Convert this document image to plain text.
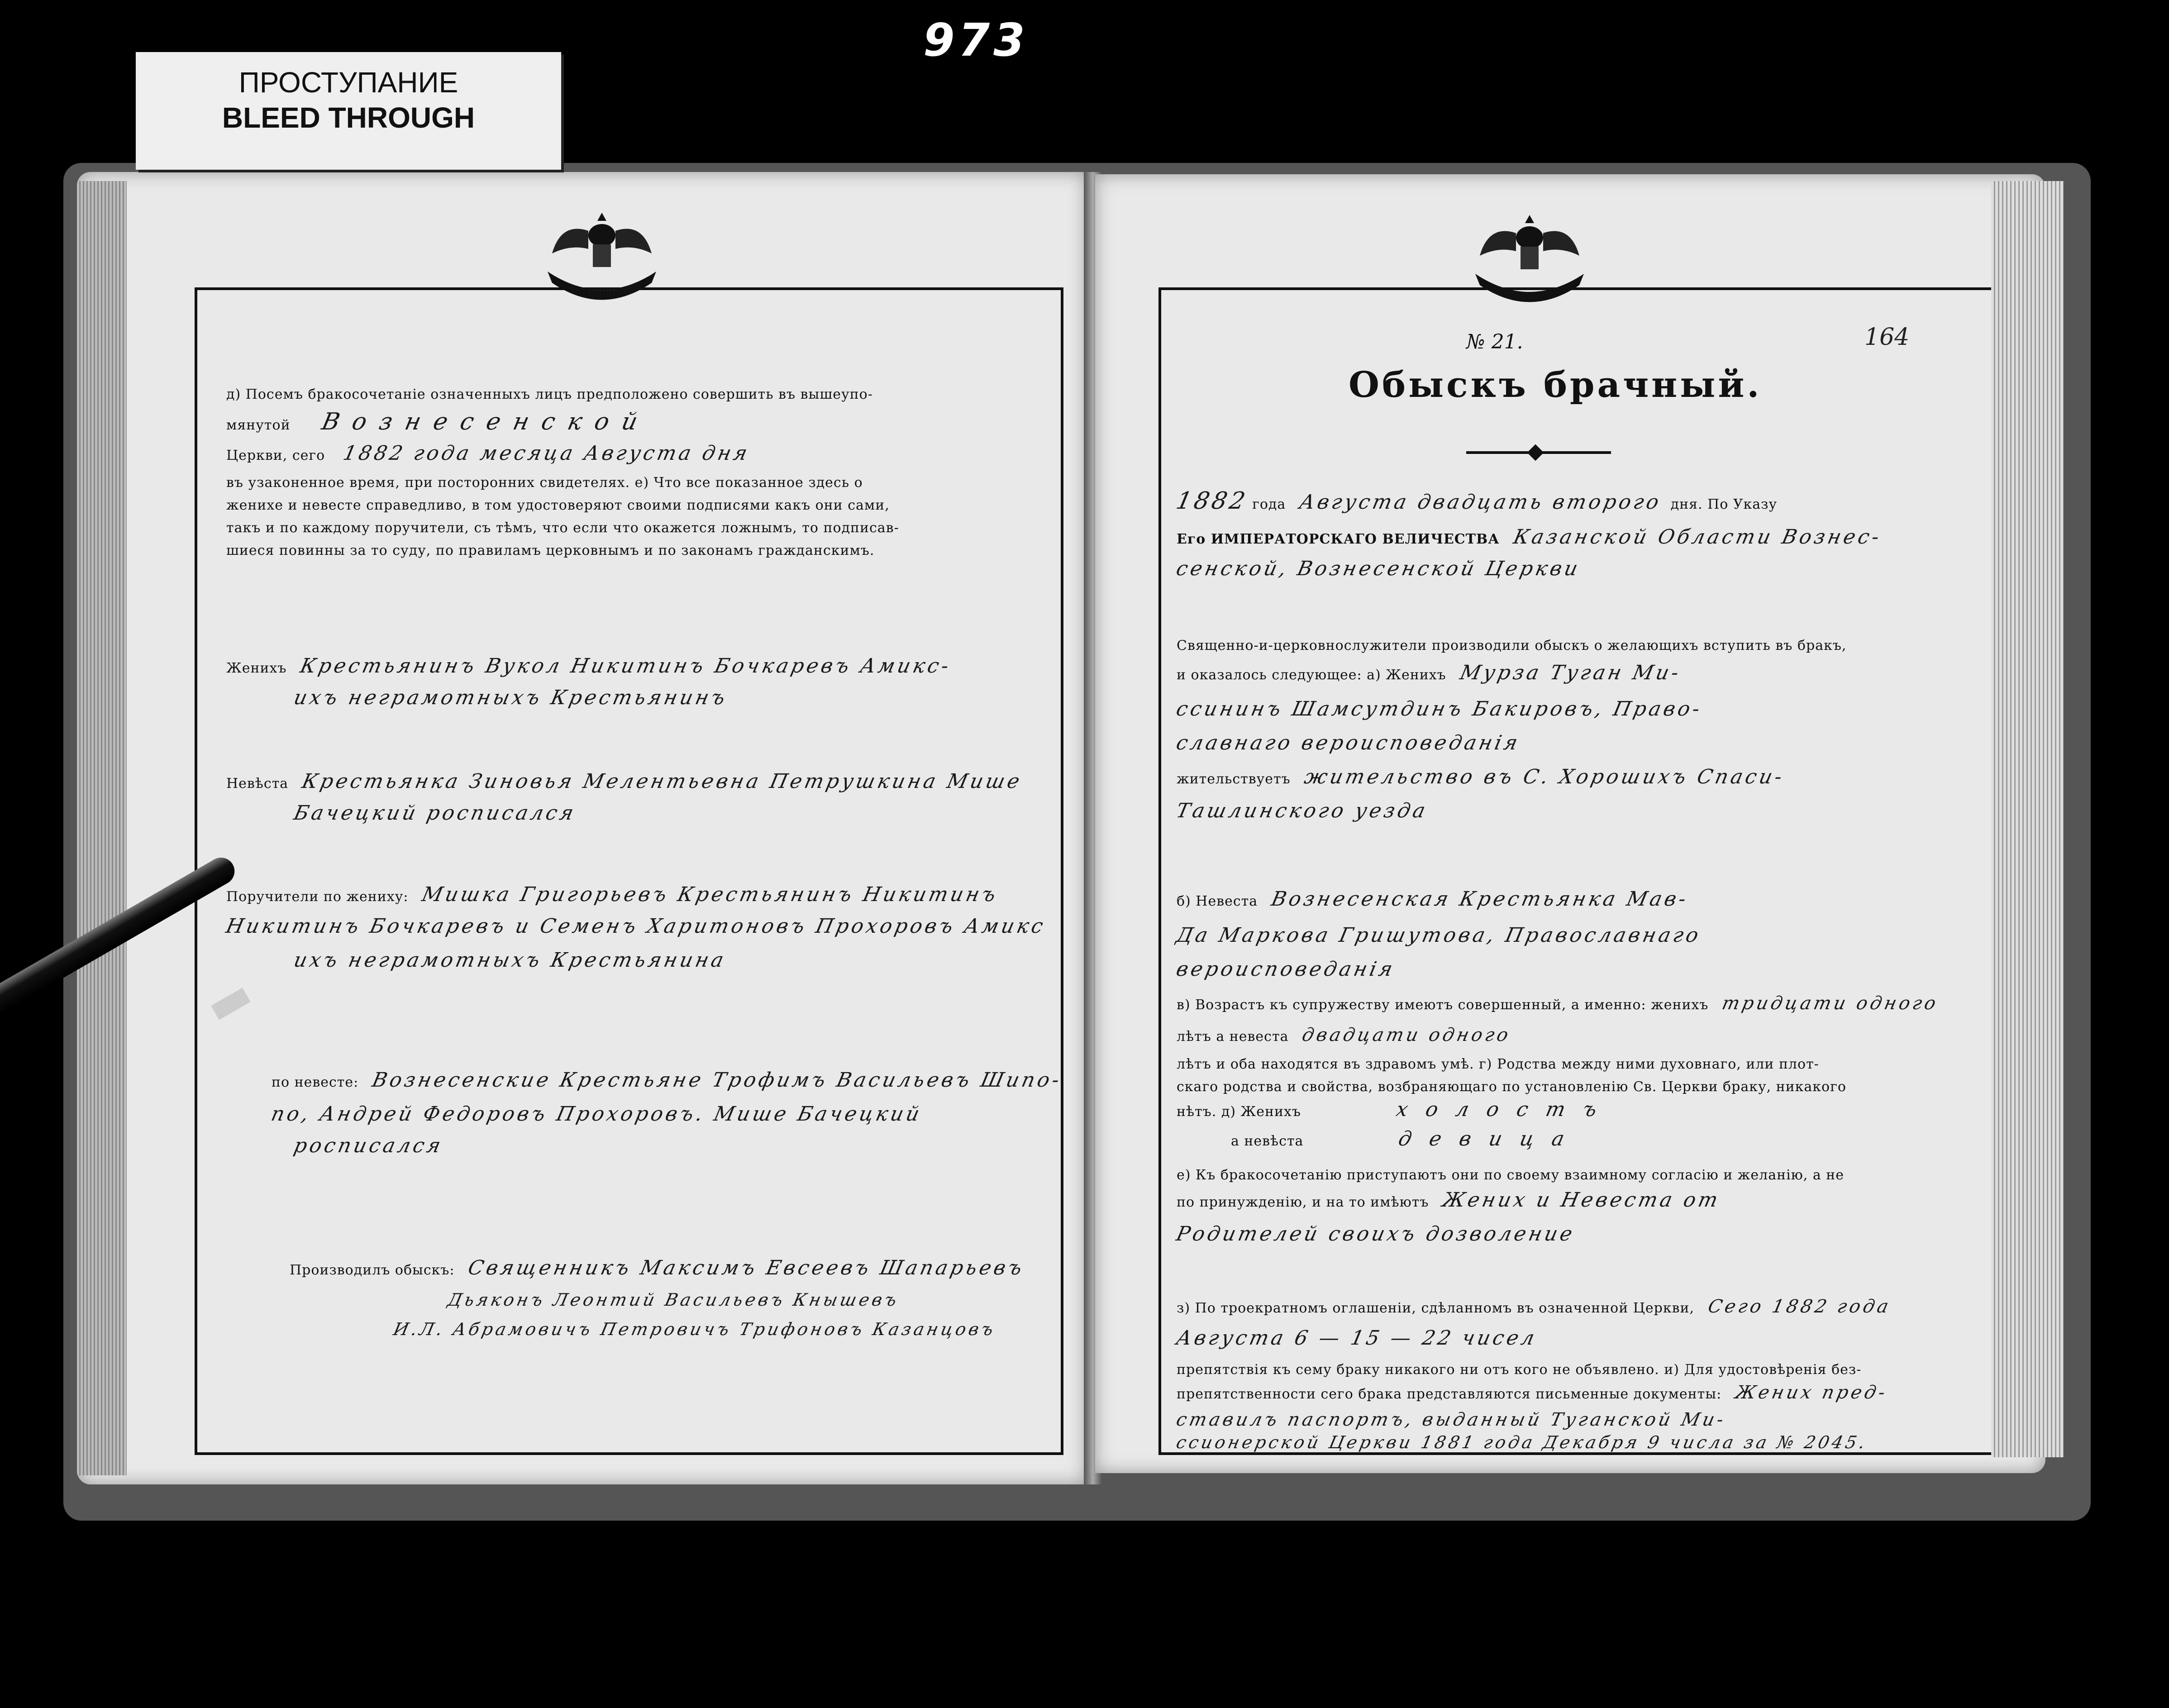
973
· · · · · · · ·
д) Посемъ бракосочетаніе означенныхъ лицъ предположено совершить въ вышеупо-
мянутой В о з н е с е н с к о й
Церкви, сего 1882 года месяца Августа дня
въ узаконенное время, при посторонних свидетелях. е) Что все показанное здесь о
женихе и невесте справедливо, в том удостоверяют своими подписями какъ они сами,
такъ и по каждому поручители, съ тѣмъ, что если что окажется ложнымъ, то подписав-
шиеся повинны за то суду, по правиламъ церковнымъ и по законамъ гражданскимъ.
Женихъ Крестьянинъ Вукол Никитинъ Бочкаревъ Амикс-
ихъ неграмотныхъ Крестьянинъ
Невѣста Крестьянка Зиновья Мелентьевна Петрушкина Мише
Бачецкий росписался
Поручители по жениху: Мишка Григорьевъ Крестьянинъ Никитинъ
Никитинъ Бочкаревъ и Семенъ Харитоновъ Прохоровъ Амикс
ихъ неграмотныхъ Крестьянина
по невесте: Вознесенские Крестьяне Трофимъ Васильевъ Шипо-
по, Андрей Федоровъ Прохоровъ. Мише Бачецкий
росписался
Производилъ обыскъ: Священникъ Максимъ Евсеевъ Шапарьевъ
Дьяконъ Леонтий Васильевъ Кнышевъ
И.Л. Абрамовичъ Петровичъ Трифоновъ Казанцовъ
№ 21.	164
Обыскъ брачный.
1882 года Августа двадцать второго дня. По Указу
Его ИМПЕРАТОРСКАГО ВЕЛИЧЕСТВА Казанской Области Вознес-
сенской, Вознесенской Церкви
Священно-и-церковнослужители производили обыскъ о желающихъ вступить въ бракъ,
и оказалось следующее: а) Женихъ Мурза Туган Ми-
ссининъ Шамсутдинъ Бакировъ, Право-
славнаго вероисповеданія
жительствуетъ жительство въ С. Хорошихъ Спаси-
Ташлинского уезда
б) Невеста Вознесенская Крестьянка Мав-
Да Маркова Гришутова, Православнаго
вероисповеданія
в) Возрастъ къ супружеству имеютъ совершенный, а именно: женихъ тридцати одного
лѣтъ а невеста двадцати одного
лѣтъ и оба находятся въ здравомъ умѣ. г) Родства между ними духовнаго, или плот-
скаго родства и свойства, возбраняющаго по установленію Св. Церкви браку, никакого
нѣтъ. д) Женихъ	холостъ
а невѣста	девица
е) Къ бракосочетанію приступаютъ они по своему взаимному согласію и желанію, а не
по принужденію, и на то имѣютъ Жених и Невеста от
Родителей своихъ дозволение
з) По троекратномъ оглашеніи, сдѣланномъ въ означенной Церкви, Сего 1882 года
Августа 6 — 15 — 22 чисел
препятствія къ сему браку никакого ни отъ кого не объявлено. и) Для удостовѣренія без-
препятственности сего брака представляются письменные документы: Жених пред-
ставилъ паспортъ, выданный Туганской Ми-
ссионерской Церкви 1881 года Декабря 9 числа за № 2045.
ПРОСТУПАНИЕ
BLEED THROUGH
